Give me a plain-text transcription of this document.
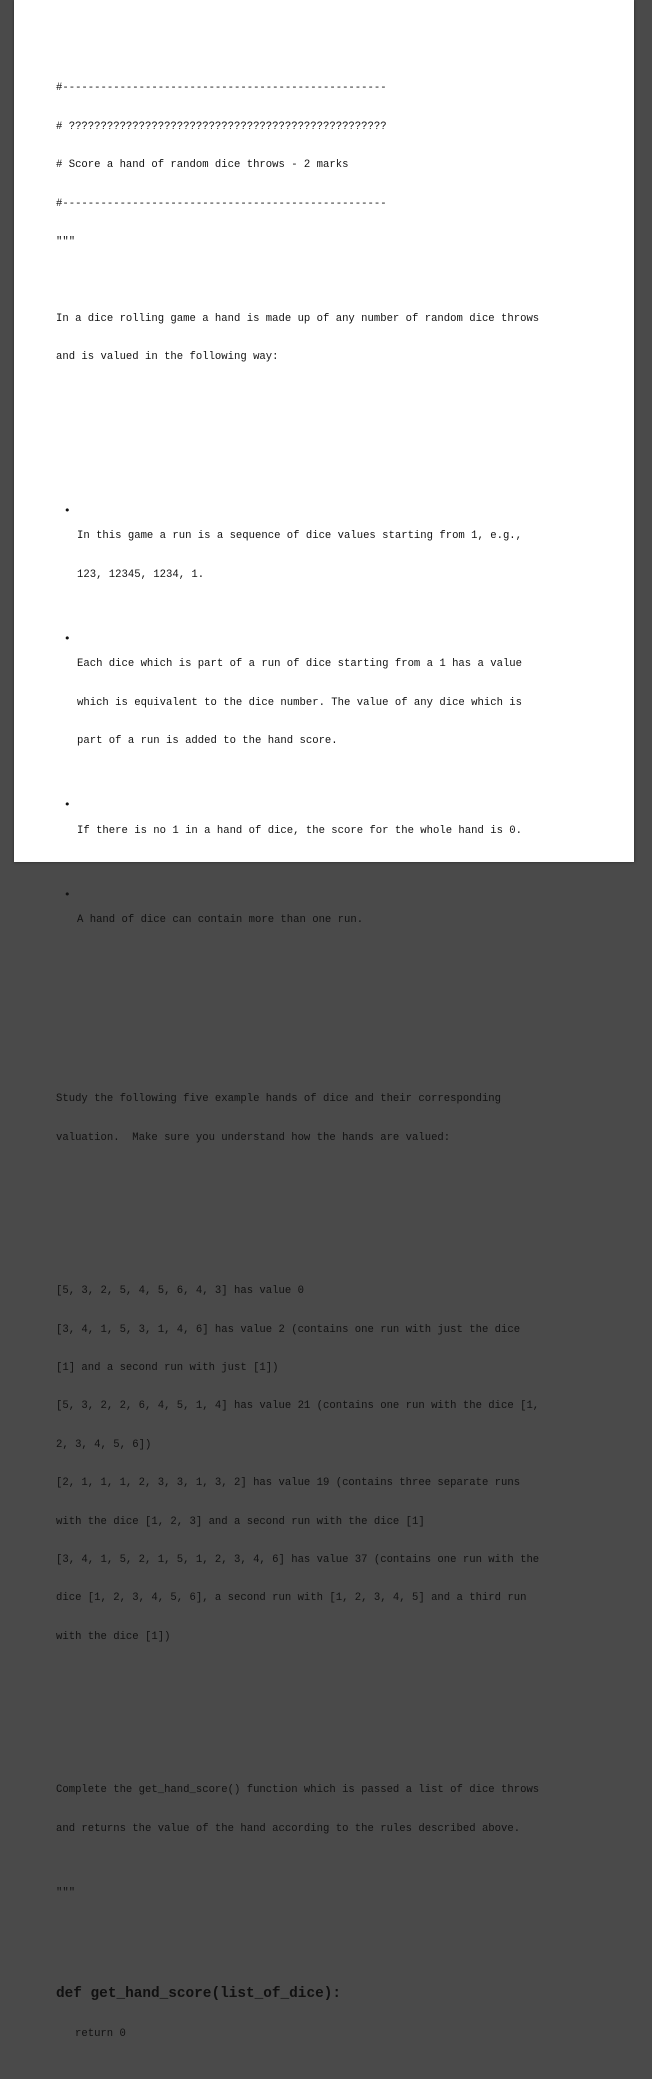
#---------------------------------------------------

# ??????????????????????????????????????????????????

# Score a hand of random dice throws - 2 marks

#---------------------------------------------------

"""

In a dice rolling game a hand is made up of any number of random dice throws

and is valued in the following way:

• In this game a run is a sequence of dice values starting from 1, e.g.,

123, 12345, 1234, 1.

• Each dice which is part of a run of dice starting from a 1 has a value

which is equivalent to the dice number. The value of any dice which is

part of a run is added to the hand score.

• If there is no 1 in a hand of dice, the score for the whole hand is 0.

• A hand of dice can contain more than one run.

Study the following five example hands of dice and their corresponding

valuation.  Make sure you understand how the hands are valued:

[5, 3, 2, 5, 4, 5, 6, 4, 3] has value 0

[3, 4, 1, 5, 3, 1, 4, 6] has value 2 (contains one run with just the dice

[1] and a second run with just [1])

[5, 3, 2, 2, 6, 4, 5, 1, 4] has value 21 (contains one run with the dice [1,

2, 3, 4, 5, 6])

[2, 1, 1, 1, 2, 3, 3, 1, 3, 2] has value 19 (contains three separate runs

with the dice [1, 2, 3] and a second run with the dice [1]

[3, 4, 1, 5, 2, 1, 5, 1, 2, 3, 4, 6] has value 37 (contains one run with the

dice [1, 2, 3, 4, 5, 6], a second run with [1, 2, 3, 4, 5] and a third run

with the dice [1])

Complete the get_hand_score() function which is passed a list of dice throws

and returns the value of the hand according to the rules described above.

"""

def get_hand_score(list_of_dice):

return 0
